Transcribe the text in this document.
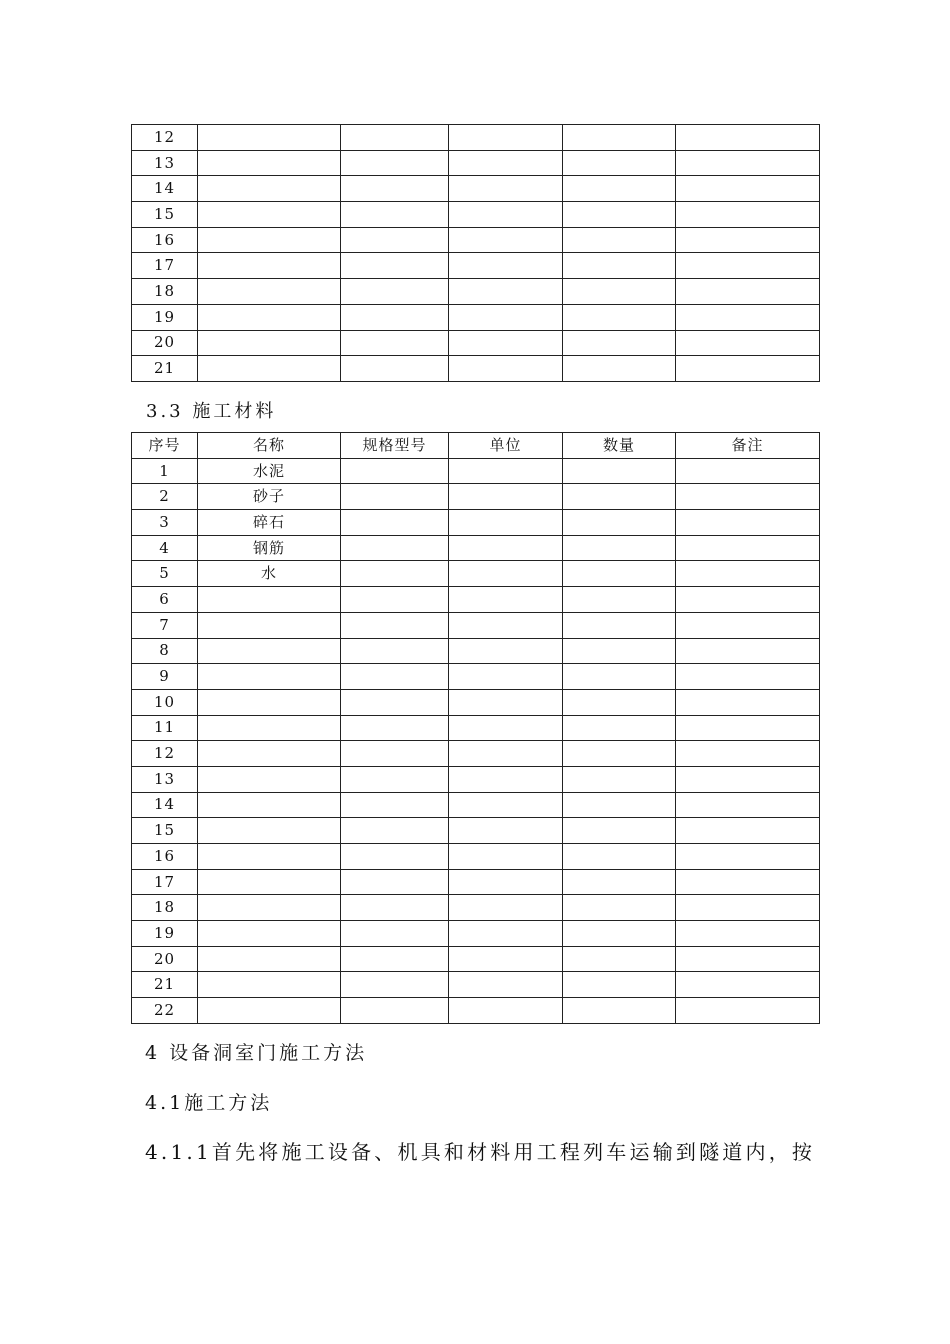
12					
13					
14					
15					
16					
17					
18					
19					
20					
21					
3.3 施工材料
序号	名称	规格型号	单位	数量	备注
1	水泥				
2	砂子				
3	碎石				
4	钢筋				
5	水				
6					
7					
8					
9					
10					
11					
12					
13					
14					
15					
16					
17					
18					
19					
20					
21					
22					
4 设备洞室门施工方法
4.1施工方法
4.1.1首先将施工设备、机具和材料用工程列车运输到隧道内，按
